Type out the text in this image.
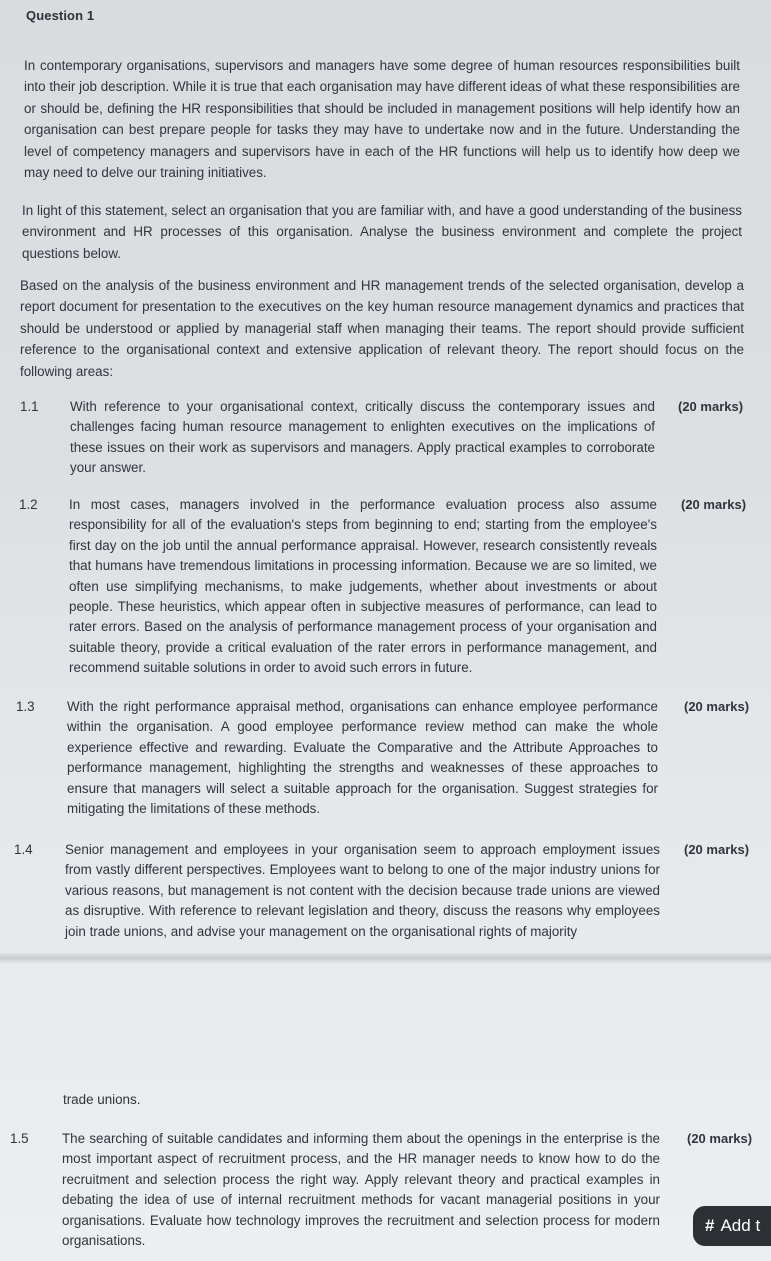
Question 1

In contemporary organisations, supervisors and managers have some degree of human resources responsibilities built into their job description. While it is true that each organisation may have different ideas of what these responsibilities are or should be, defining the HR responsibilities that should be included in management positions will help identify how an organisation can best prepare people for tasks they may have to undertake now and in the future. Understanding the level of competency managers and supervisors have in each of the HR functions will help us to identify how deep we may need to delve our training initiatives.

In light of this statement, select an organisation that you are familiar with, and have a good understanding of the business environment and HR processes of this organisation. Analyse the business environment and complete the project questions below.

Based on the analysis of the business environment and HR management trends of the selected organisation, develop a report document for presentation to the executives on the key human resource management dynamics and practices that should be understood or applied by managerial staff when managing their teams. The report should provide sufficient reference to the organisational context and extensive application of relevant theory. The report should focus on the following areas:

1.1 With reference to your organisational context, critically discuss the contemporary issues and challenges facing human resource management to enlighten executives on the implications of these issues on their work as supervisors and managers. Apply practical examples to corroborate your answer.

(20 marks)
1.2 In most cases, managers involved in the performance evaluation process also assume responsibility for all of the evaluation's steps from beginning to end; starting from the employee's first day on the job until the annual performance appraisal. However, research consistently reveals that humans have tremendous limitations in processing information. Because we are so limited, we often use simplifying mechanisms, to make judgements, whether about investments or about people. These heuristics, which appear often in subjective measures of performance, can lead to rater errors. Based on the analysis of performance management process of your organisation and suitable theory, provide a critical evaluation of the rater errors in performance management, and recommend suitable solutions in order to avoid such errors in future.

(20 marks)
1.3 With the right performance appraisal method, organisations can enhance employee performance within the organisation. A good employee performance review method can make the whole experience effective and rewarding. Evaluate the Comparative and the Attribute Approaches to performance management, highlighting the strengths and weaknesses of these approaches to ensure that managers will select a suitable approach for the organisation. Suggest strategies for mitigating the limitations of these methods.

(20 marks)
1.4 Senior management and employees in your organisation seem to approach employment issues from vastly different perspectives. Employees want to belong to one of the major industry unions for various reasons, but management is not content with the decision because trade unions are viewed as disruptive. With reference to relevant legislation and theory, discuss the reasons why employees join trade unions, and advise your management on the organisational rights of majority

(20 marks)
trade unions.
1.5 The searching of suitable candidates and informing them about the openings in the enterprise is the most important aspect of recruitment process, and the HR manager needs to know how to do the recruitment and selection process the right way. Apply relevant theory and practical examples in debating the idea of use of internal recruitment methods for vacant managerial positions in your organisations. Evaluate how technology improves the recruitment and selection process for modern organisations.

(20 marks)
# Add t
